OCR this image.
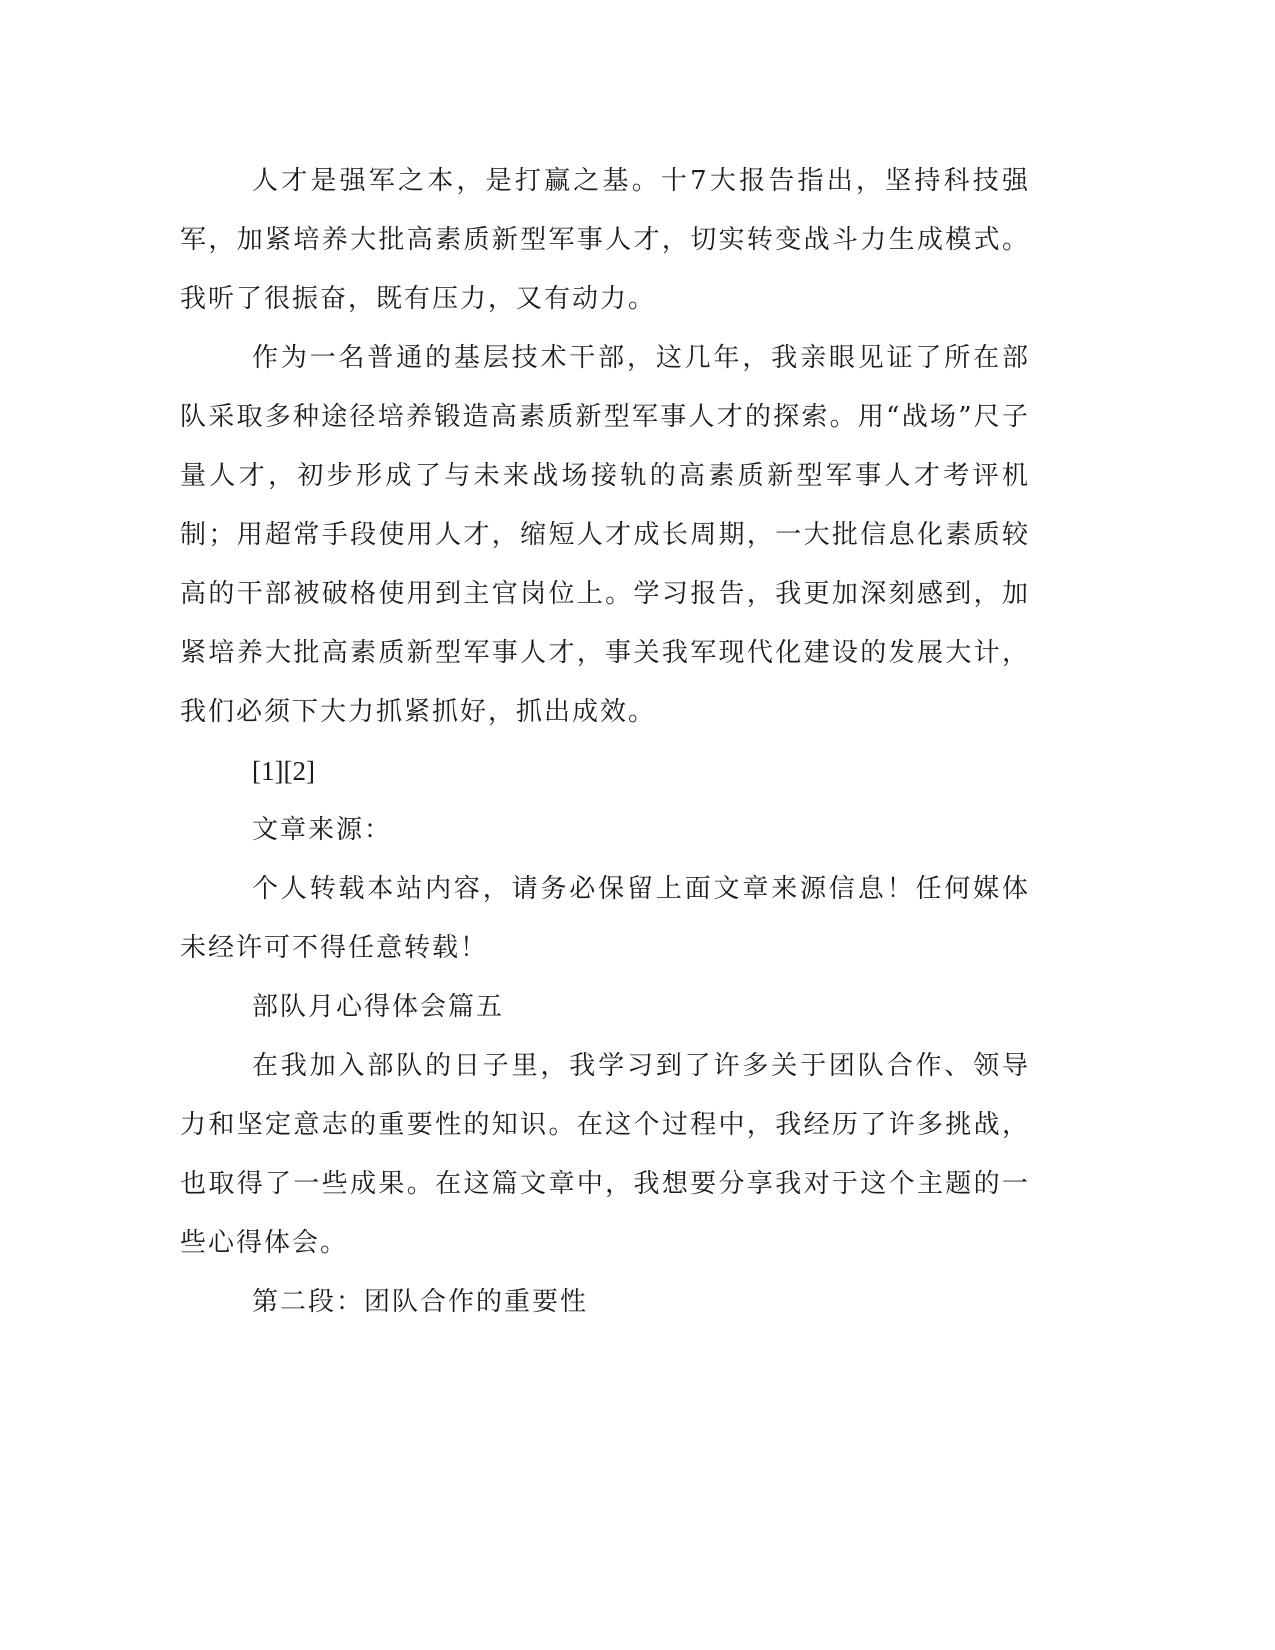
人才是强军之本，是打赢之基。十7大报告指出，坚持科技强军，加紧培养大批高素质新型军事人才，切实转变战斗力生成模式。我听了很振奋，既有压力，又有动力。

作为一名普通的基层技术干部，这几年，我亲眼见证了所在部队采取多种途径培养锻造高素质新型军事人才的探索。用“战场”尺子量人才，初步形成了与未来战场接轨的高素质新型军事人才考评机制；用超常手段使用人才，缩短人才成长周期，一大批信息化素质较高的干部被破格使用到主官岗位上。学习报告，我更加深刻感到，加紧培养大批高素质新型军事人才，事关我军现代化建设的发展大计，我们必须下大力抓紧抓好，抓出成效。

[1][2]

文章来源：

个人转载本站内容，请务必保留上面文章来源信息！任何媒体未经许可不得任意转载！

部队月心得体会篇五

在我加入部队的日子里，我学习到了许多关于团队合作、领导力和坚定意志的重要性的知识。在这个过程中，我经历了许多挑战，也取得了一些成果。在这篇文章中，我想要分享我对于这个主题的一些心得体会。

第二段：团队合作的重要性
